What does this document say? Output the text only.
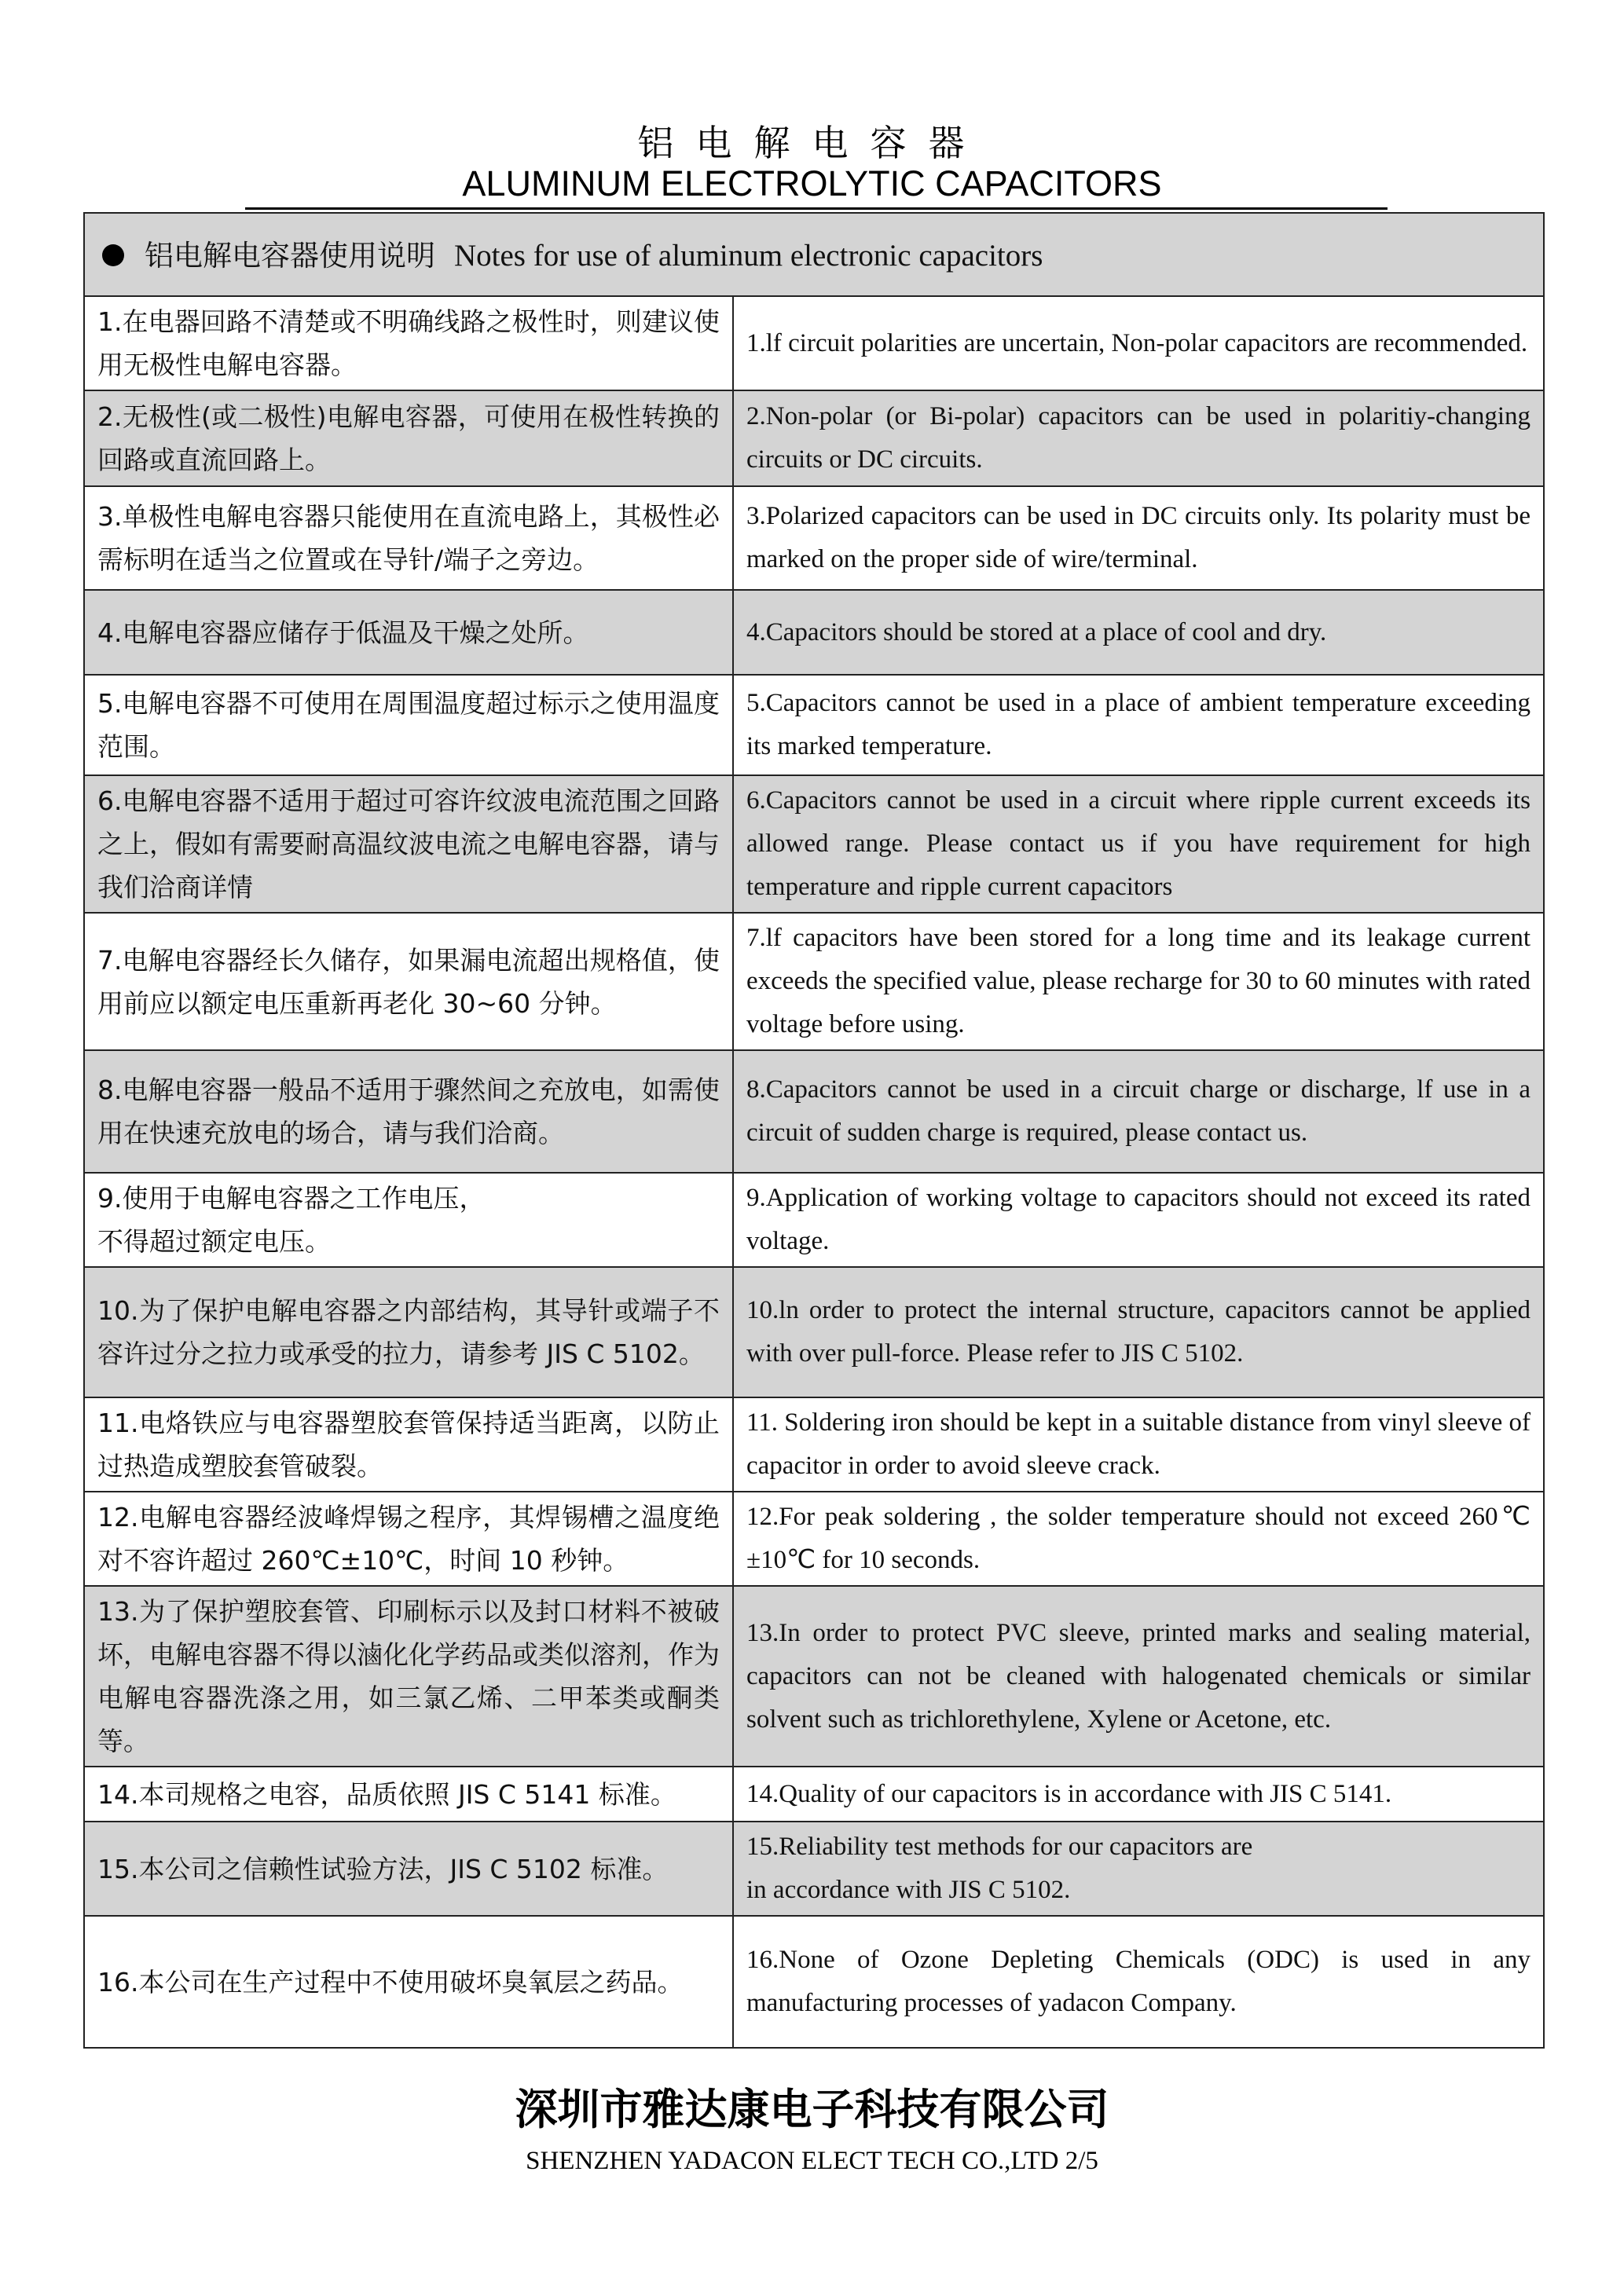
铝电解电容器
ALUMINUM ELECTROLYTIC CAPACITORS
铝电解电容器使用说明 Notes for use of aluminum electronic capacitors	
1.在电器回路不清楚或不明确线路之极性时，则建议使用无极性电解电容器。	1.lf circuit polarities are uncertain, Non-polar capacitors are recommended.
2.无极性(或二极性)电解电容器，可使用在极性转换的回路或直流回路上。	2.Non-polar (or Bi-polar) capacitors can be used in polaritiy-changing circuits or DC circuits.
3.单极性电解电容器只能使用在直流电路上，其极性必需标明在适当之位置或在导针/端子之旁边。	3.Polarized capacitors can be used in DC circuits only. Its polarity must be marked on the proper side of wire/terminal.
4.电解电容器应储存于低温及干燥之处所。	4.Capacitors should be stored at a place of cool and dry.
5.电解电容器不可使用在周围温度超过标示之使用温度范围。	5.Capacitors cannot be used in a place of ambient temperature exceeding its marked temperature.
6.电解电容器不适用于超过可容许纹波电流范围之回路之上，假如有需要耐高温纹波电流之电解电容器，请与我们洽商详情	6.Capacitors cannot be used in a circuit where ripple current exceeds its allowed range. Please contact us if you have requirement for high temperature and ripple current capacitors
7.电解电容器经长久储存，如果漏电流超出规格值，使用前应以额定电压重新再老化 30~60 分钟。	7.lf capacitors have been stored for a long time and its leakage current exceeds the specified value, please recharge for 30 to 60 minutes with rated voltage before using.
8.电解电容器一般品不适用于骤然间之充放电，如需使用在快速充放电的场合，请与我们洽商。	8.Capacitors cannot be used in a circuit charge or discharge, lf use in a circuit of sudden charge is required, please contact us.
9.使用于电解电容器之工作电压，
不得超过额定电压。	9.Application of working voltage to capacitors should not exceed its rated voltage.
10.为了保护电解电容器之内部结构，其导针或端子不容许过分之拉力或承受的拉力，请参考 JIS C 5102。	10.ln order to protect the internal structure, capacitors cannot be applied with over pull-force. Please refer to JIS C 5102.
11.电烙铁应与电容器塑胶套管保持适当距离，以防止过热造成塑胶套管破裂。	11. Soldering iron should be kept in a suitable distance from vinyl sleeve of capacitor in order to avoid sleeve crack.
12.电解电容器经波峰焊锡之程序，其焊锡槽之温度绝对不容许超过 260℃±10℃，时间 10 秒钟。	12.For peak soldering , the solder temperature should not exceed 260℃±10℃ for 10 seconds.
13.为了保护塑胶套管、印刷标示以及封口材料不被破坏，电解电容器不得以滷化化学药品或类似溶剂，作为电解电容器洗涤之用，如三氯乙烯、二甲苯类或酮类等。	13.In order to protect PVC sleeve, printed marks and sealing material, capacitors can not be cleaned with halogenated chemicals or similar solvent such as trichlorethylene, Xylene or Acetone, etc.
14.本司规格之电容，品质依照 JIS C 5141 标准。	14.Quality of our capacitors is in accordance with JIS C 5141.
15.本公司之信赖性试验方法，JIS C 5102 标准。	15.Reliability test methods for our capacitors are
in accordance with JIS C 5102.
16.本公司在生产过程中不使用破坏臭氧层之药品。	16.None of Ozone Depleting Chemicals (ODC) is used in any manufacturing processes of yadacon Company.
深圳市雅达康电子科技有限公司
SHENZHEN YADACON ELECT TECH CO.,LTD 2/5
